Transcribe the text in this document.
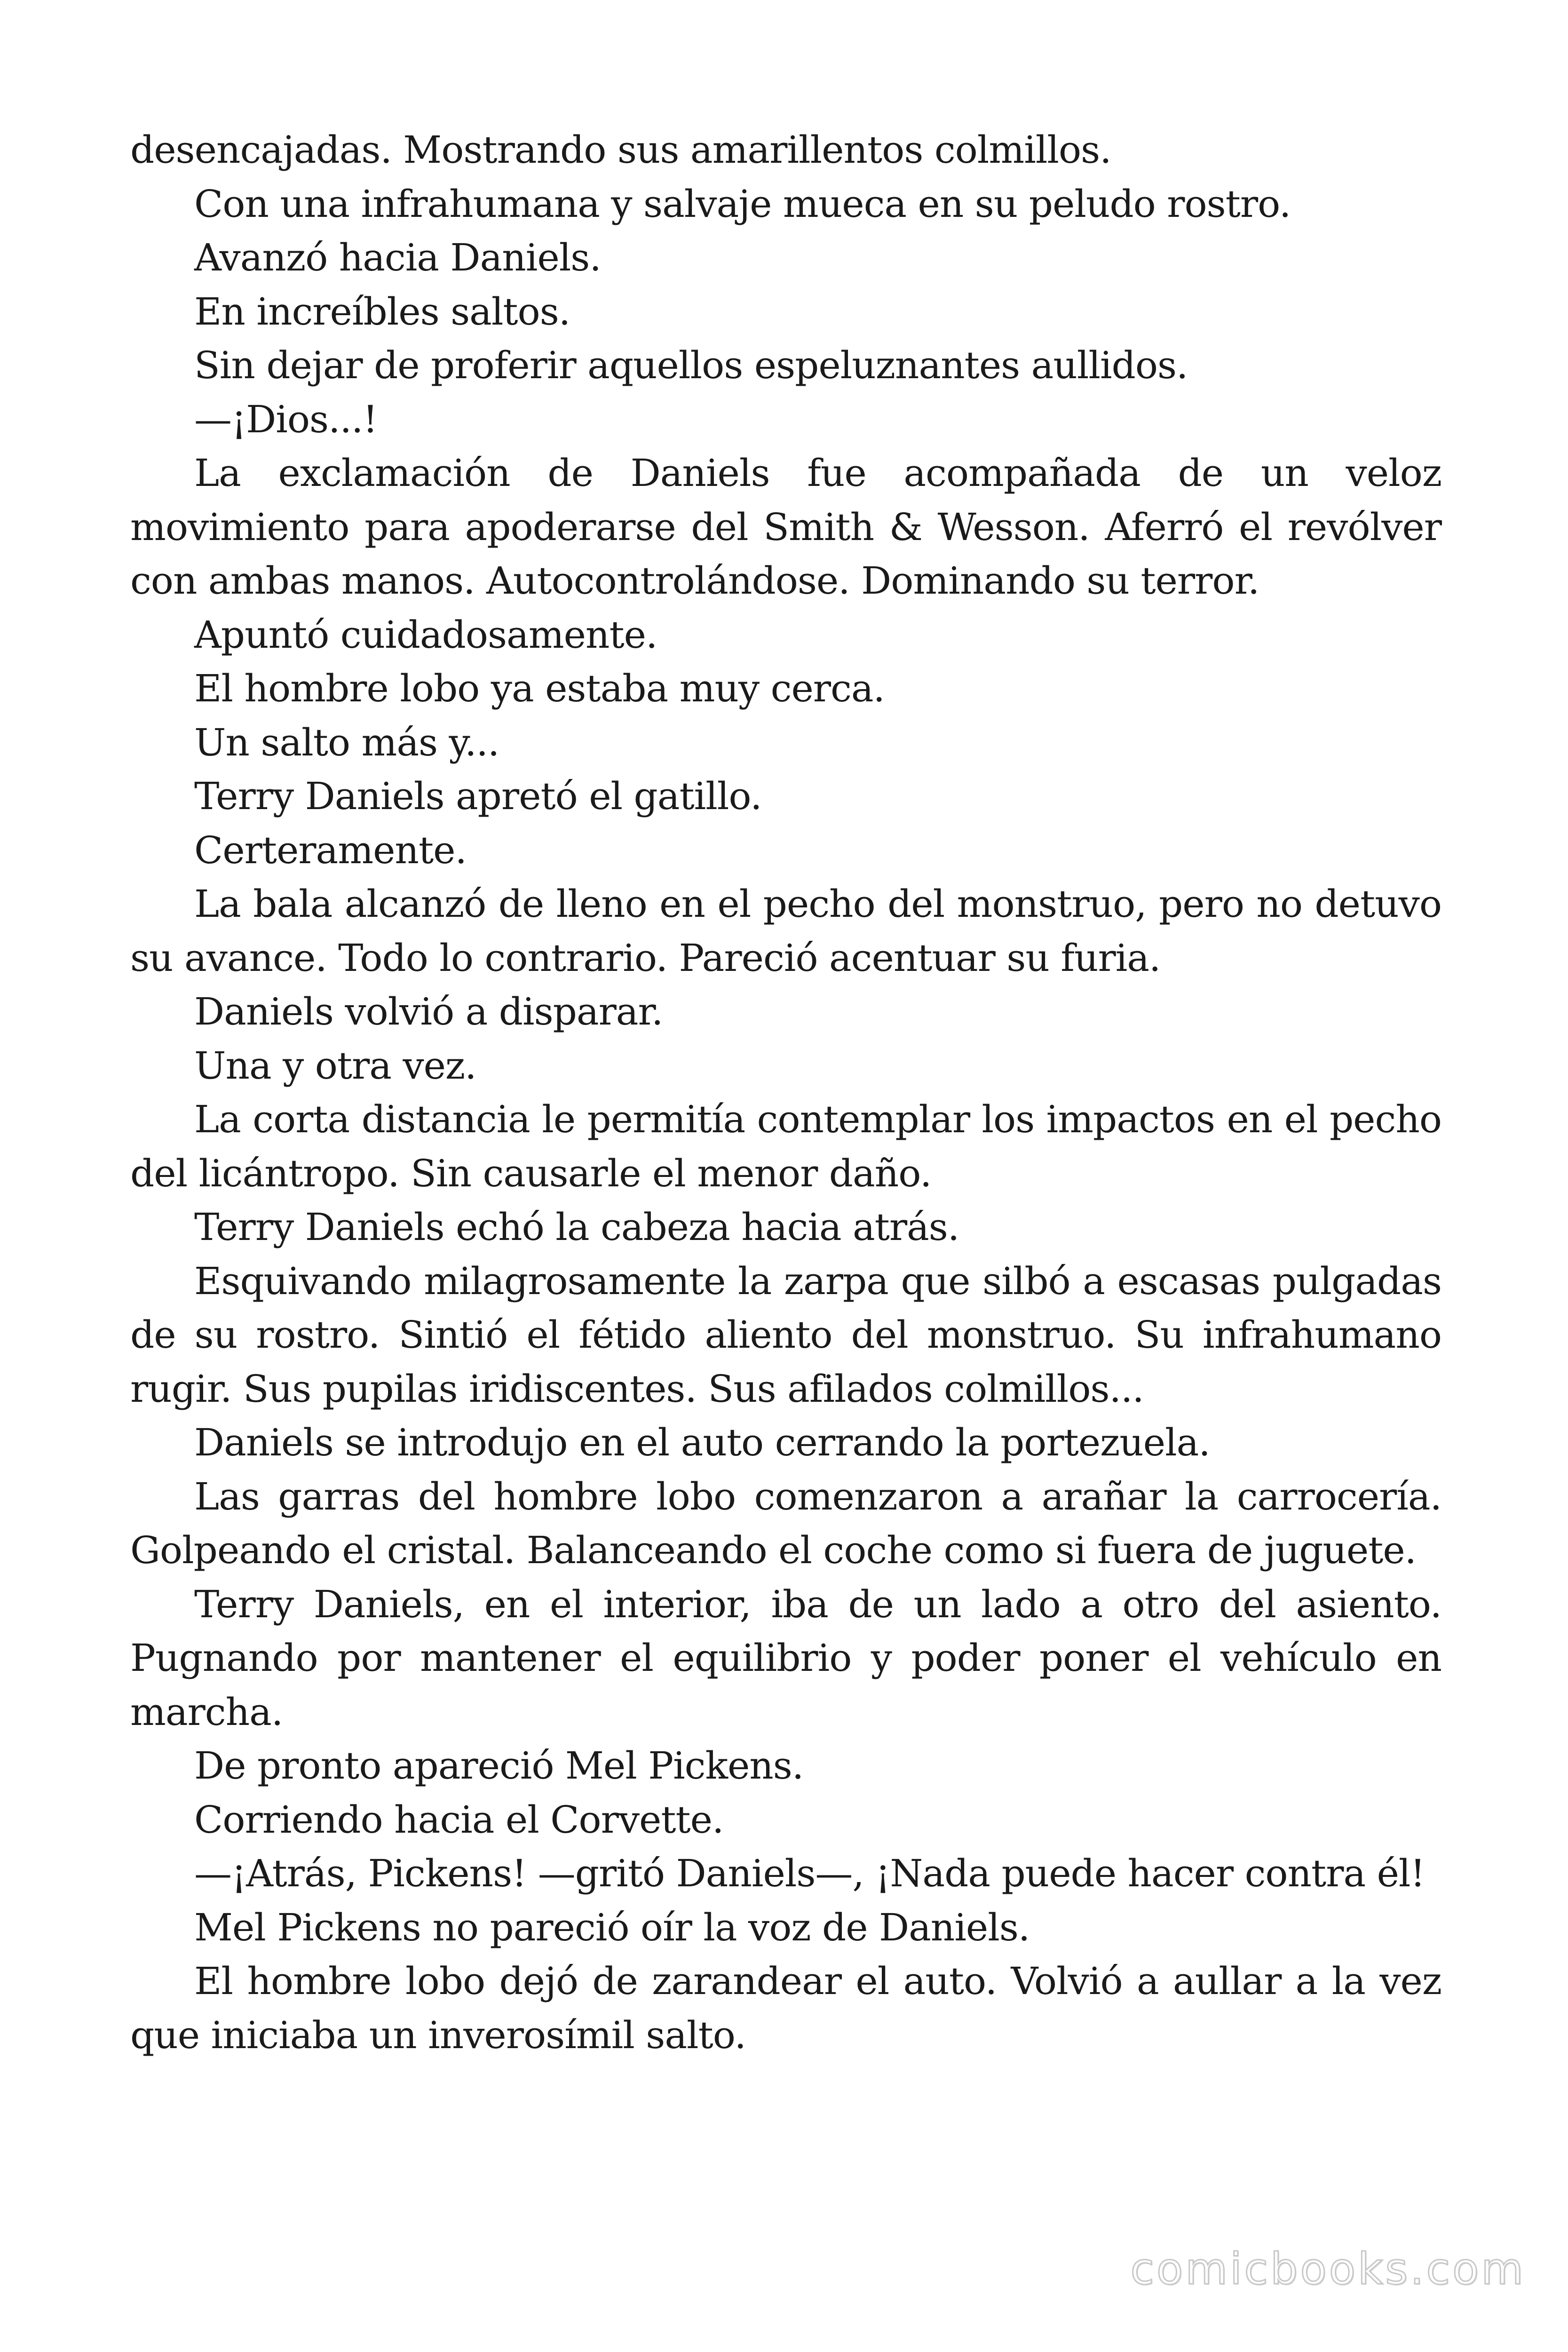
desencajadas. Mostrando sus amarillentos colmillos.

Con una infrahumana y salvaje mueca en su peludo rostro.

Avanzó hacia Daniels.

En increíbles saltos.

Sin dejar de proferir aquellos espeluznantes aullidos.

—¡Dios...!

La exclamación de Daniels fue acompañada de un veloz movimiento para apoderarse del Smith & Wesson. Aferró el revólver con ambas manos. Autocontrolándose. Dominando su terror.

Apuntó cuidadosamente.

El hombre lobo ya estaba muy cerca.

Un salto más y...

Terry Daniels apretó el gatillo.

Certeramente.

La bala alcanzó de lleno en el pecho del monstruo, pero no detuvo su avance. Todo lo contrario. Pareció acentuar su furia.

Daniels volvió a disparar.

Una y otra vez.

La corta distancia le permitía contemplar los impactos en el pecho del licántropo. Sin causarle el menor daño.

Terry Daniels echó la cabeza hacia atrás.

Esquivando milagrosamente la zarpa que silbó a escasas pulgadas de su rostro. Sintió el fétido aliento del monstruo. Su infrahumano rugir. Sus pupilas iridiscentes. Sus afilados colmillos...

Daniels se introdujo en el auto cerrando la portezuela.

Las garras del hombre lobo comenzaron a arañar la carrocería. Golpeando el cristal. Balanceando el coche como si fuera de juguete.

Terry Daniels, en el interior, iba de un lado a otro del asiento. Pugnando por mantener el equilibrio y poder poner el vehículo en marcha.

De pronto apareció Mel Pickens.

Corriendo hacia el Corvette.

—¡Atrás, Pickens! —gritó Daniels—, ¡Nada puede hacer contra él!

Mel Pickens no pareció oír la voz de Daniels.

El hombre lobo dejó de zarandear el auto. Volvió a aullar a la vez que iniciaba un inverosímil salto.

comicbooks.com
